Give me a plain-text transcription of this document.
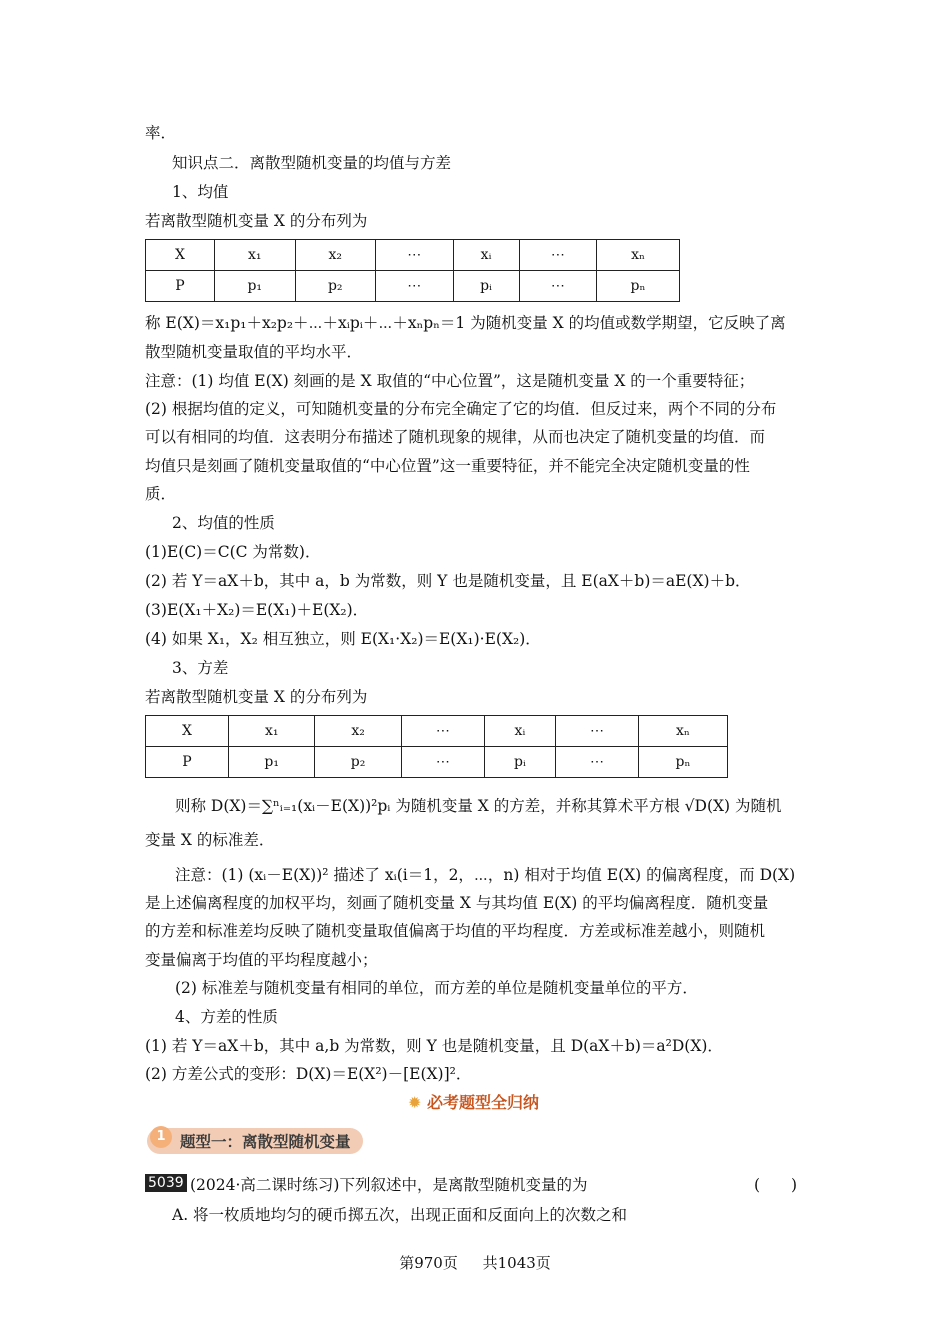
率．
知识点二．离散型随机变量的均值与方差
1、均值
若离散型随机变量 X 的分布列为
X	x₁	x₂	⋯	xᵢ	⋯	xₙ
P	p₁	p₂	⋯	pᵢ	⋯	pₙ
称 E(X)＝x₁p₁＋x₂p₂＋⋯＋xᵢpᵢ＋⋯＋xₙpₙ＝1 为随机变量 X 的均值或数学期望，它反映了离
散型随机变量取值的平均水平．
注意：(1) 均值 E(X) 刻画的是 X 取值的“中心位置”，这是随机变量 X 的一个重要特征；
(2) 根据均值的定义，可知随机变量的分布完全确定了它的均值．但反过来，两个不同的分布
可以有相同的均值．这表明分布描述了随机现象的规律，从而也决定了随机变量的均值．而
均值只是刻画了随机变量取值的“中心位置”这一重要特征，并不能完全决定随机变量的性
质．
2、均值的性质
(1)E(C)＝C(C 为常数)．
(2) 若 Y＝aX＋b，其中 a，b 为常数，则 Y 也是随机变量，且 E(aX＋b)＝aE(X)＋b．
(3)E(X₁＋X₂)＝E(X₁)＋E(X₂)．
(4) 如果 X₁，X₂ 相互独立，则 E(X₁·X₂)＝E(X₁)·E(X₂)．
3、方差
若离散型随机变量 X 的分布列为
X	x₁	x₂	⋯	xᵢ	⋯	xₙ
P	p₁	p₂	⋯	pᵢ	⋯	pₙ
则称 D(X)＝∑ⁿᵢ₌₁(xᵢ－E(X))²pᵢ 为随机变量 X 的方差，并称其算术平方根 √D(X) 为随机
变量 X 的标准差．
注意：(1) (xᵢ－E(X))² 描述了 xᵢ(i＝1，2，⋯，n) 相对于均值 E(X) 的偏离程度，而 D(X)
是上述偏离程度的加权平均，刻画了随机变量 X 与其均值 E(X) 的平均偏离程度．随机变量
的方差和标准差均反映了随机变量取值偏离于均值的平均程度．方差或标准差越小，则随机
变量偏离于均值的平均程度越小；
(2) 标准差与随机变量有相同的单位，而方差的单位是随机变量单位的平方．
4、方差的性质
(1) 若 Y＝aX＋b，其中 a,b 为常数，则 Y 也是随机变量，且 D(aX＋b)＝a²D(X)．
(2) 方差公式的变形：D(X)＝E(X²)－[E(X)]²．
✹ 必考题型全归纳
1 题型一：离散型随机变量
5039 (2024·高二课时练习)下列叙述中，是离散型随机变量的为	(　　)
A. 将一枚质地均匀的硬币掷五次，出现正面和反面向上的次数之和
第970页 共1043页
